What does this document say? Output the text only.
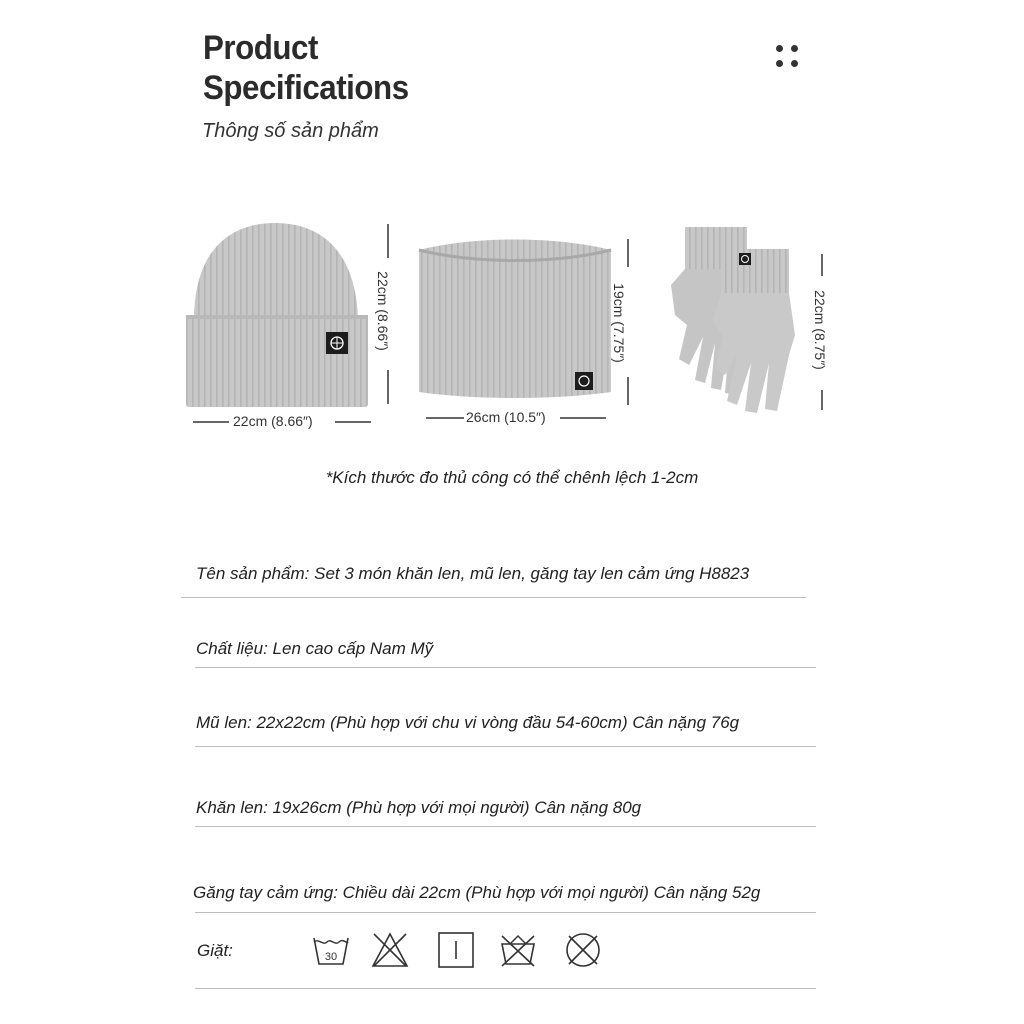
Product
Specifications
Thông số sản phẩm
22cm (8.66″)
22cm (8.66″)
26cm (10.5″)
19cm (7.75″)	22cm (8.75″)
*Kích thước đo thủ công có thể chênh lệch 1-2cm
Tên sản phẩm: Set 3 món khăn len, mũ len, găng tay len cảm ứng H8823
Chất liệu: Len cao cấp Nam Mỹ
Mũ len: 22x22cm (Phù hợp với chu vi vòng đầu 54-60cm) Cân nặng 76g
Khăn len: 19x26cm (Phù hợp với mọi người) Cân nặng 80g
Găng tay cảm ứng: Chiều dài 22cm (Phù hợp với mọi người) Cân nặng 52g
Giặt:	30
